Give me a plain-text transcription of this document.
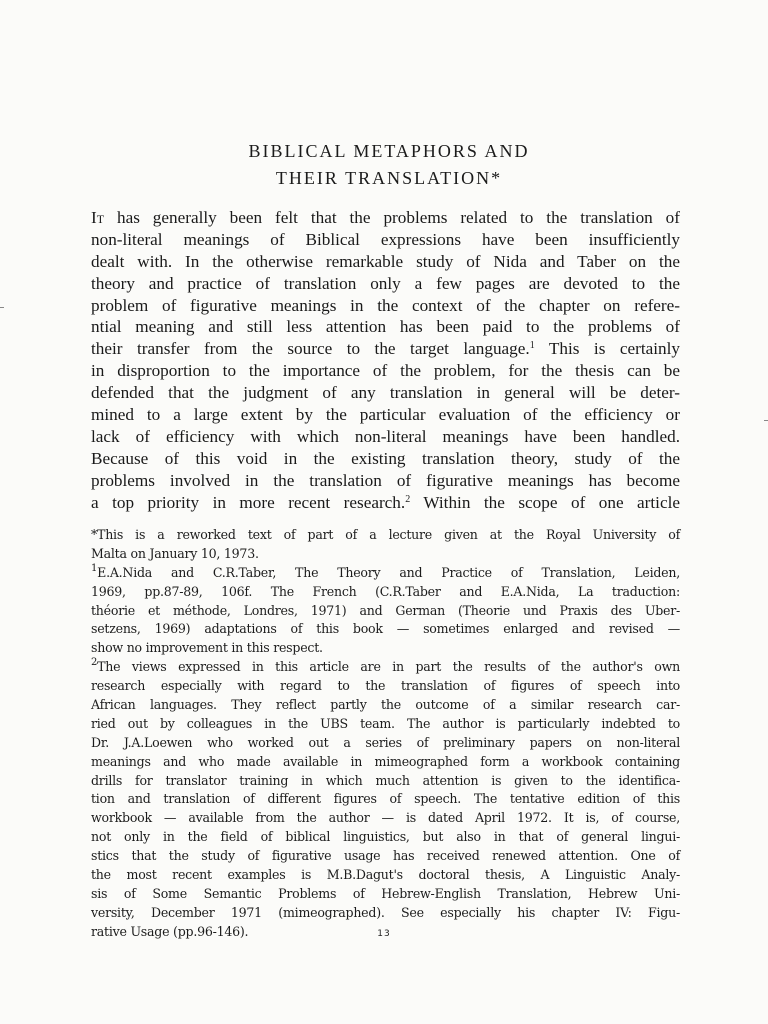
BIBLICAL METAPHORS AND
THEIR TRANSLATION*
It has generally been felt that the problems related to the translation of
non-literal meanings of Biblical expressions have been insufficiently
dealt with. In the otherwise remarkable study of Nida and Taber on the
theory and practice of translation only a few pages are devoted to the
problem of figurative meanings in the context of the chapter on refere-
ntial meaning and still less attention has been paid to the problems of
their transfer from the source to the target language.$^1$ This is certainly
in disproportion to the importance of the problem, for the thesis can be
defended that the judgment of any translation in general will be deter-
mined to a large extent by the particular evaluation of the efficiency or
lack of efficiency with which non-literal meanings have been handled.
Because of this void in the existing translation theory, study of the
problems involved in the translation of figurative meanings has become
a top priority in more recent research.$^2$ Within the scope of one article
*This is a reworked text of part of a lecture given at the Royal University of
Malta on January 10, 1973.
$^1$E.A.Nida and C.R.Taber, The Theory and Practice of Translation, Leiden,
1969, pp.87-89, 106f. The French (C.R.Taber and E.A.Nida, La traduction:
théorie et méthode, Londres, 1971) and German (Theorie und Praxis des Uber-
setzens, 1969) adaptations of this book — sometimes enlarged and revised —
show no improvement in this respect.
$^2$The views expressed in this article are in part the results of the author's own
research especially with regard to the translation of figures of speech into
African languages. They reflect partly the outcome of a similar research car-
ried out by colleagues in the UBS team. The author is particularly indebted to
Dr. J.A.Loewen who worked out a series of preliminary papers on non-literal
meanings and who made available in mimeographed form a workbook containing
drills for translator training in which much attention is given to the identifica-
tion and translation of different figures of speech. The tentative edition of this
workbook — available from the author — is dated April 1972. It is, of course,
not only in the field of biblical linguistics, but also in that of general lingui-
stics that the study of figurative usage has received renewed attention. One of
the most recent examples is M.B.Dagut's doctoral thesis, A Linguistic Analy-
sis of Some Semantic Problems of Hebrew-English Translation, Hebrew Uni-
versity, December 1971 (mimeographed). See especially his chapter IV: Figu-
rative Usage (pp.96-146).	13
